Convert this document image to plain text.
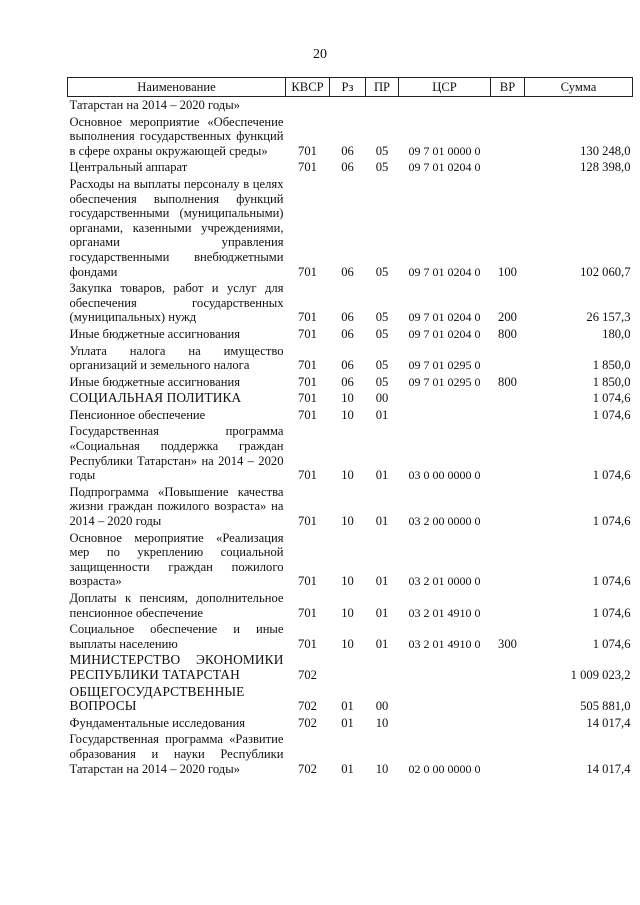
20
Наименование	КВСР	Рз	ПР	ЦСР	ВР	Сумма
Татарстан на 2014 – 2020 годы»						
Основное мероприятие «Обеспечение выполнения государственных функций в сфере охраны окружающей среды»	701	06	05	09 7 01 0000 0		130 248,0
Центральный аппарат	701	06	05	09 7 01 0204 0		128 398,0
Расходы на выплаты персоналу в целях обеспечения выполнения функций государственными (муниципальными) органами, казенными учреждениями, органами управления государственными внебюджетными фондами	701	06	05	09 7 01 0204 0	100	102 060,7
Закупка товаров, работ и услуг для обеспечения государственных (муниципальных) нужд	701	06	05	09 7 01 0204 0	200	26 157,3
Иные бюджетные ассигнования	701	06	05	09 7 01 0204 0	800	180,0
Уплата налога на имущество организаций и земельного налога	701	06	05	09 7 01 0295 0		1 850,0
Иные бюджетные ассигнования	701	06	05	09 7 01 0295 0	800	1 850,0
СОЦИАЛЬНАЯ ПОЛИТИКА	701	10	00			1 074,6
Пенсионное обеспечение	701	10	01			1 074,6
Государственная программа «Социальная поддержка граждан Республики Татарстан» на 2014 – 2020 годы	701	10	01	03 0 00 0000 0		1 074,6
Подпрограмма «Повышение качества жизни граждан пожилого возраста» на 2014 – 2020 годы	701	10	01	03 2 00 0000 0		1 074,6
Основное мероприятие «Реализация мер по укреплению социальной защищенности граждан пожилого возраста»	701	10	01	03 2 01 0000 0		1 074,6
Доплаты к пенсиям, дополнительное пенсионное обеспечение	701	10	01	03 2 01 4910 0		1 074,6
Социальное обеспечение и иные выплаты населению	701	10	01	03 2 01 4910 0	300	1 074,6
МИНИСТЕРСТВО ЭКОНОМИКИ РЕСПУБЛИКИ ТАТАРСТАН	702					1 009 023,2
ОБЩЕГОСУДАРСТВЕННЫЕ ВОПРОСЫ	702	01	00			505 881,0
Фундаментальные исследования	702	01	10			14 017,4
Государственная программа «Развитие образования и науки Республики Татарстан на 2014 – 2020 годы»	702	01	10	02 0 00 0000 0		14 017,4
